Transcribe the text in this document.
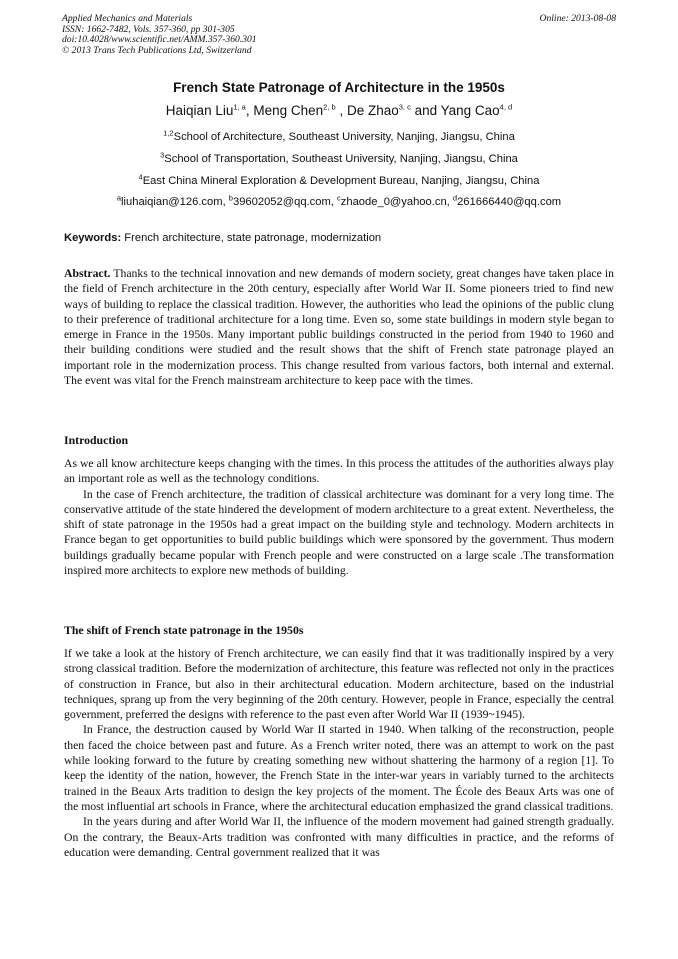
Applied Mechanics and Materials
ISSN: 1662-7482, Vols. 357-360, pp 301-305
doi:10.4028/www.scientific.net/AMM.357-360.301
© 2013 Trans Tech Publications Ltd, Switzerland
Online: 2013-08-08
French State Patronage of Architecture in the 1950s
Haiqian Liu$^{1, a}$, Meng Chen$^{2, b}$ , De Zhao$^{3, c}$ and Yang Cao$^{4, d}$
$^{1,2}$School of Architecture, Southeast University, Nanjing, Jiangsu, China
$^3$School of Transportation, Southeast University, Nanjing, Jiangsu, China
$^4$East China Mineral Exploration & Development Bureau, Nanjing, Jiangsu, China
$^a$liuhaiqian@126.com, $^b$39602052@qq.com, $^c$zhaode_0@yahoo.cn, $^d$261666440@qq.com
Keywords: French architecture, state patronage, modernization

Abstract. Thanks to the technical innovation and new demands of modern society, great changes have taken place in the field of French architecture in the 20th century, especially after World War II. Some pioneers tried to find new ways of building to replace the classical tradition. However, the authorities who lead the opinions of the public clung to their preference of traditional architecture for a long time. Even so, some state buildings in modern style began to emerge in France in the 1950s. Many important public buildings constructed in the period from 1940 to 1960 and their building conditions were studied and the result shows that the shift of French state patronage played an important role in the modernization process. This change resulted from various factors, both internal and external. The event was vital for the French mainstream architecture to keep pace with the times.

Introduction

As we all know architecture keeps changing with the times. In this process the attitudes of the authorities always play an important role as well as the technology conditions.

In the case of French architecture, the tradition of classical architecture was dominant for a very long time. The conservative attitude of the state hindered the development of modern architecture to a great extent. Nevertheless, the shift of state patronage in the 1950s had a great impact on the building style and technology. Modern architects in France began to get opportunities to build public buildings which were sponsored by the government. Thus modern buildings gradually became popular with French people and were constructed on a large scale .The transformation inspired more architects to explore new methods of building.

The shift of French state patronage in the 1950s

If we take a look at the history of French architecture, we can easily find that it was traditionally inspired by a very strong classical tradition. Before the modernization of architecture, this feature was reflected not only in the practices of construction in France, but also in their architectural education. Modern architecture, based on the industrial techniques, sprang up from the very beginning of the 20th century. However, people in France, especially the central government, preferred the designs with reference to the past even after World War II (1939~1945).

In France, the destruction caused by World War II started in 1940. When talking of the reconstruction, people then faced the choice between past and future. As a French writer noted, there was an attempt to work on the past while looking forward to the future by creating something new without shattering the harmony of a region [1]. To keep the identity of the nation, however, the French State in the inter-war years in variably turned to the architects trained in the Beaux Arts tradition to design the key projects of the moment. The École des Beaux Arts was one of the most influential art schools in France, where the architectural education emphasized the grand classical traditions.

In the years during and after World War II, the influence of the modern movement had gained strength gradually. On the contrary, the Beaux-Arts tradition was confronted with many difficulties in practice, and the reforms of education were demanding. Central government realized that it was
